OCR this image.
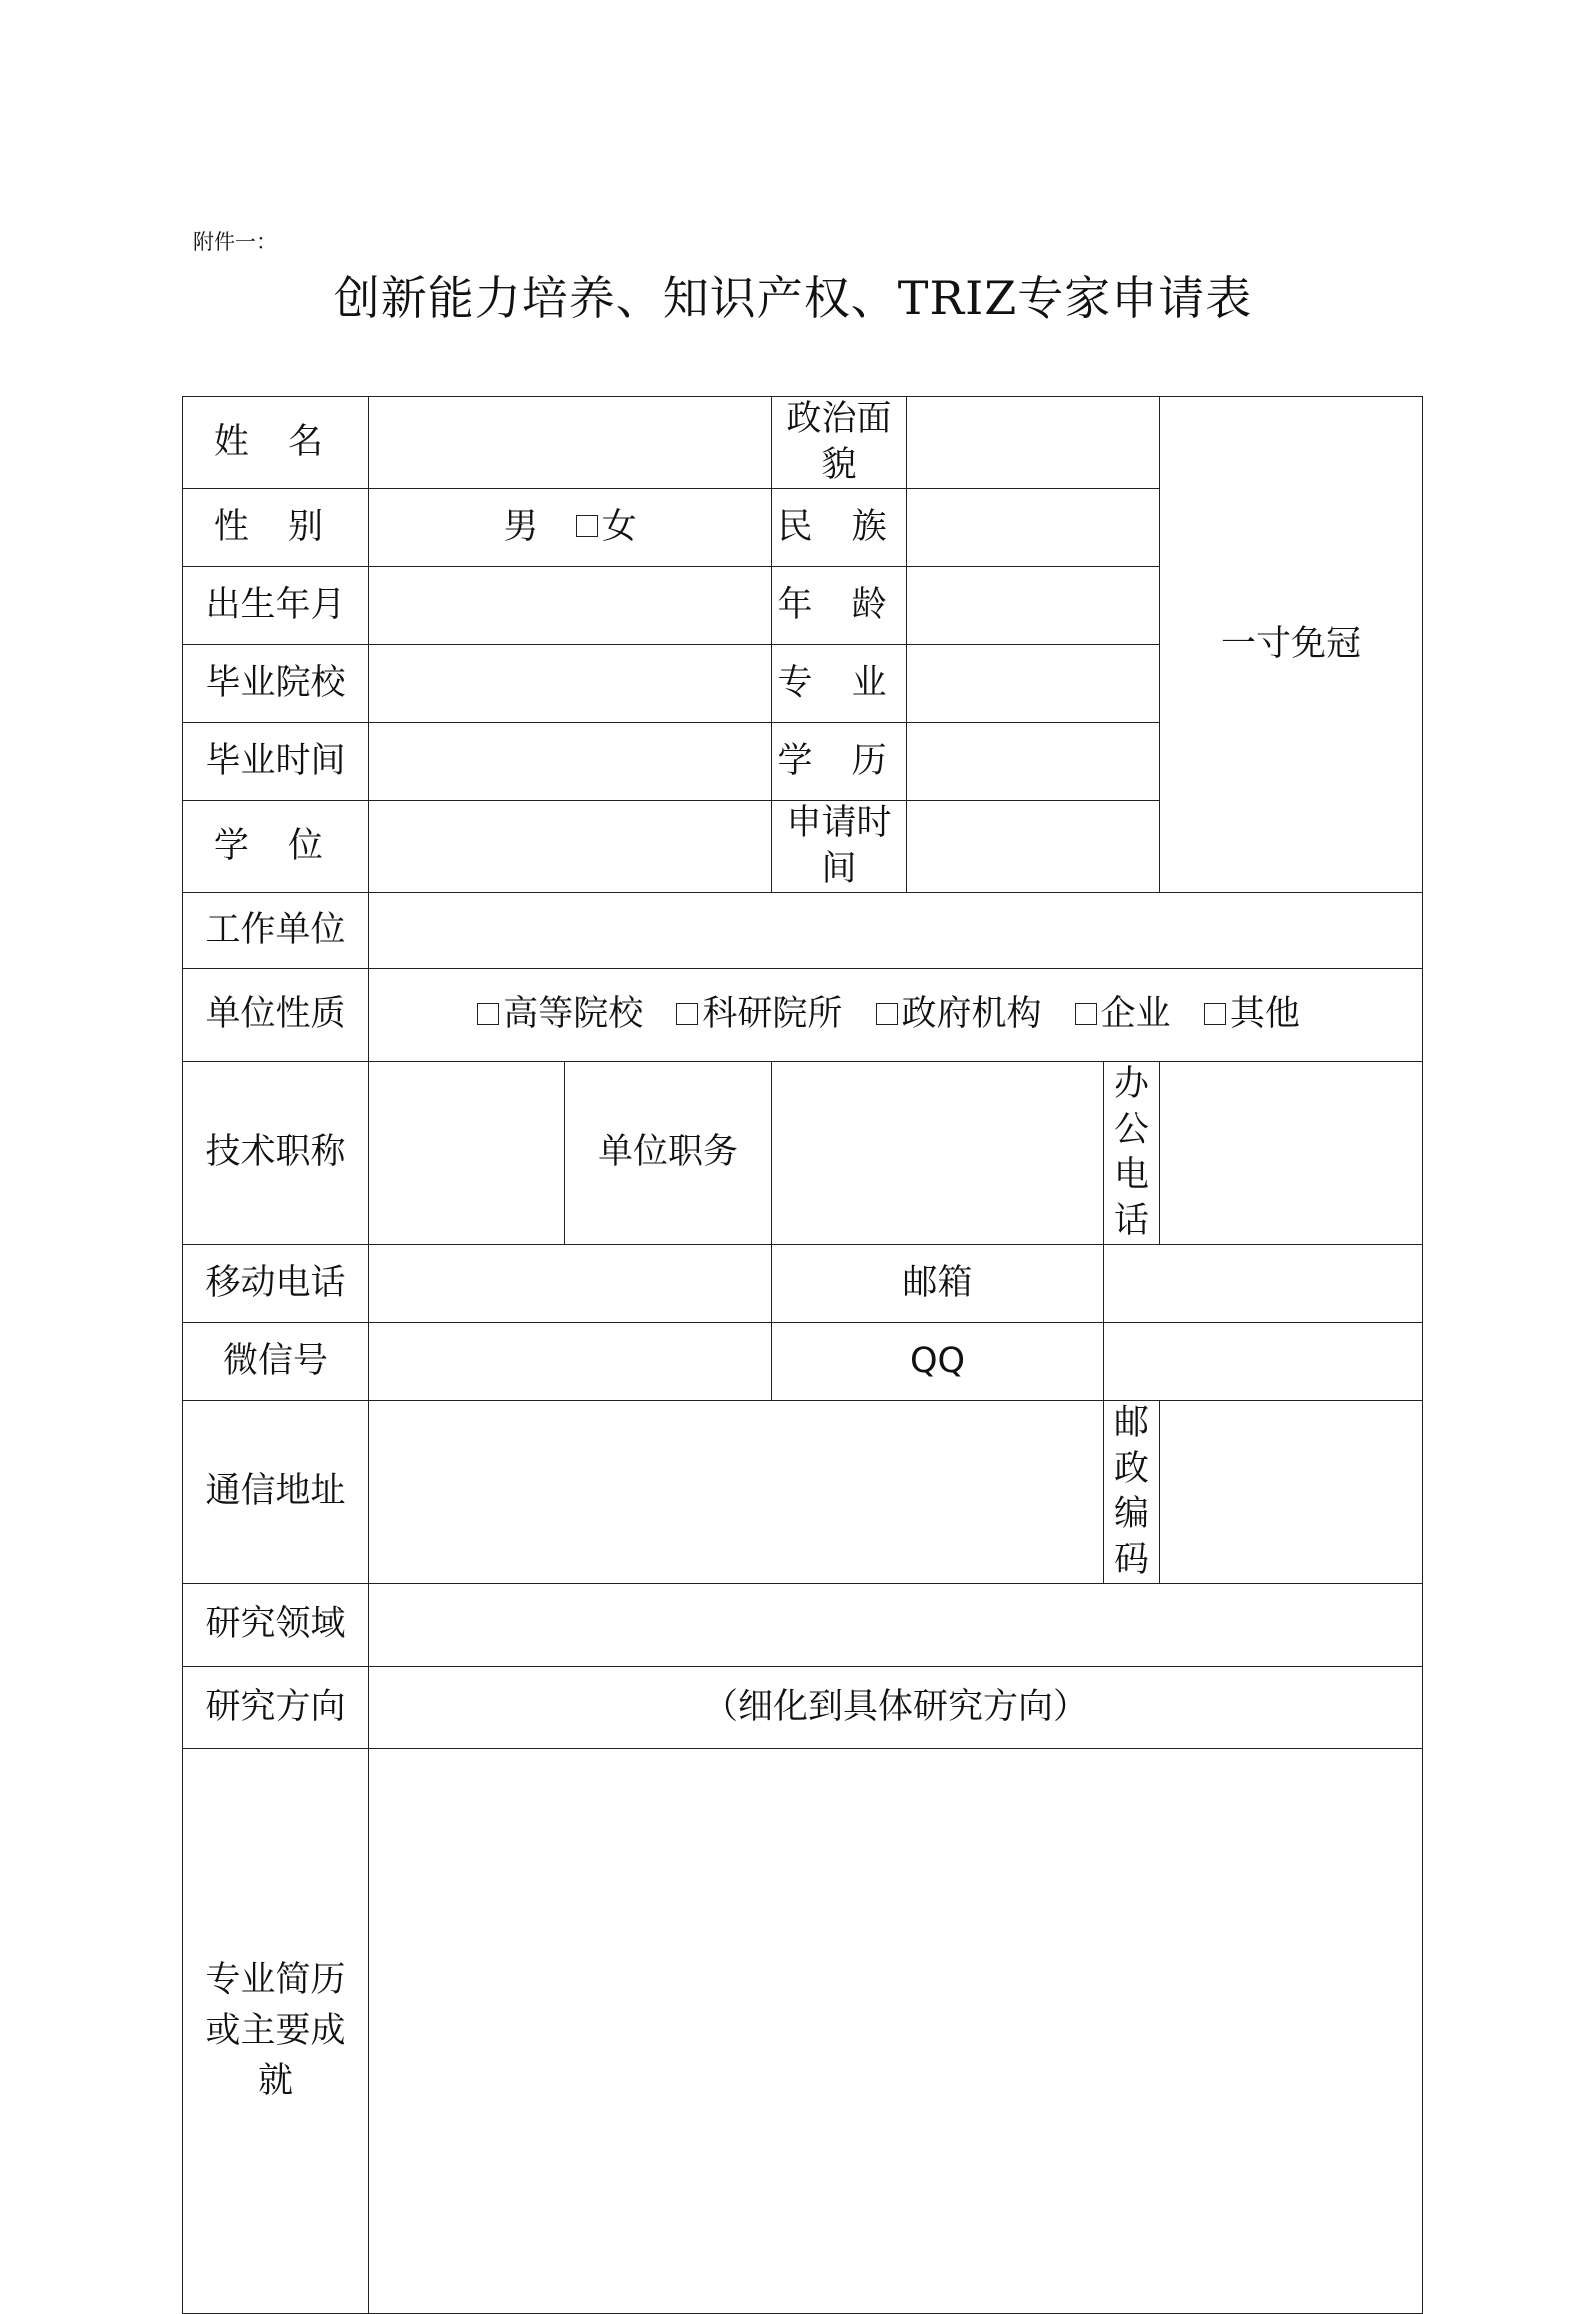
附件一：
创新能力培养、知识产权、TRIZ专家申请表
姓 名			政治面貌			一寸免冠
性 别	男 女		民 族			
出生年月			年 龄			
毕业院校			专 业			
毕业时间			学 历			
学 位			申请时间			
工作单位						
单位性质	高等院校 科研院所 政府机构 企业 其他					
技术职称		单位职务			办公电话	
移动电话			邮箱			
微信号			QQ			
通信地址					邮政编码	
研究领域						
研究方向	（细化到具体研究方向）					
专业简历或主要成就						
